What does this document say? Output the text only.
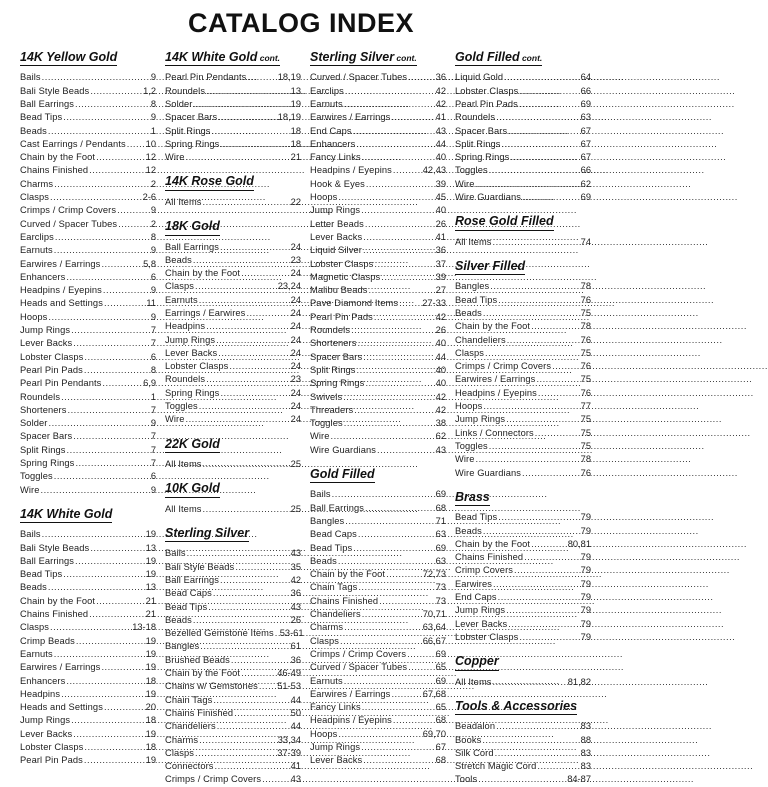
CATALOG INDEX
14K Yellow Gold
Bails .....	9
Bali Style Beads .....	1,2
Ball Earrings .....	8
Bead Tips .....	9
Beads .....	1
Cast Earrings / Pendants ..... 10
Chain by the Foot .....	12
Chains Finished .....	12
Charms .....	2
Clasps .....	2-6
Crimps / Crimp Covers .....	9
Curved / Spacer Tubes .....	2
Earclips .....	8
Earnuts .....	9
Earwires / Earrings .....	5,8
Enhancers .....	6
Headpins / Eyepins .....	9
Heads and Settings .....	11
Hoops .....	9
Jump Rings .....	7
Lever Backs .....	7
Lobster Clasps .....	6
Pearl Pin Pads .....	8
Pearl Pin Pendants .....	6,9
Roundels .....	1
Shorteners .....	7
Solder .....	9
Spacer Bars .....	7
Split Rings .....	7
Spring Rings .....	7
Toggles .....	6
Wire .....	9
14K White Gold
Bails .....	19
Bali Style Beads .....	13
Ball Earrings .....	19
Bead Tips .....	19
Beads .....	13
Chain by the Foot .....	21
Chains Finished .....	21
Clasps .....	13-18
Crimp Beads .....	19
Earnuts .....	19
Earwires / Earrings .....	19
Enhancers .....	18
Headpins .....	19
Heads and Settings .....	20
Jump Rings .....	18
Lever Backs .....	19
Lobster Clasps .....	18
Pearl Pin Pads .....	19
14K White Gold cont.
Pearl Pin Pendants .....	18,19
Roundels .....	13
Solder .....	19
Spacer Bars .....	18,19
Split Rings .....	18
Spring Rings .....	18
Wire .....	21
14K Rose Gold
All Items .....	22
18K Gold
Ball Earrings .....	24
Beads .....	23
Chain by the Foot .....	24
Clasps .....	23,24
Earnuts .....	24
Earrings / Earwires .....	24
Headpins .....	24
Jump Rings .....	24
Lever Backs .....	24
Lobster Clasps .....	24
Roundels .....	23
Spring Rings .....	24
Toggles .....	24
Wire .....	24
22K Gold
All Items .....	25
10K Gold
All Items .....	25
Sterling Silver
Bails .....	43
Bali Style Beads .....	35
Ball Earrings .....	42
Bead Caps .....	36
Bead Tips .....	43
Beads .....	26
Bezelled Gemstone Items ..... 53-61
Bangles .....	61
Brushed Beads .....	36
Chain by the Foot .....	46-49
Chains w/ Gemstones ..... 51-53
Chain Tags .....	44
Chains Finished .....	50
Chandeliers .....	44
Charms .....	33,34
Clasps .....	37-39
Connectors .....	41
Crimps / Crimp Covers .....	43
Sterling Silver cont.
Curved / Spacer Tubes .....	36
Earclips .....	42
Earnuts .....	42
Earwires / Earrings .....	41
End Caps .....	43
Enhancers .....	44
Fancy Links .....	40
Headpins / Eyepins .....	42,43
Hook & Eyes .....	39
Hoops .....	45
Jump Rings .....	40
Letter Beads .....	26
Lever Backs .....	41
Liquid Silver .....	36
Lobster Clasps .....	37
Magnetic Clasps .....	39
Malibu Beads .....	27
Pave Diamond Items .....	27-33
Pearl Pin Pads .....	42
Roundels .....	26
Shorteners .....	40
Spacer Bars .....	44
Split Rings .....	40
Spring Rings .....	40
Swivels .....	42
Threaders .....	42
Toggles .....	38
Wire .....	62
Wire Guardians .....	43
Gold Filled
Bails .....	69
Ball Earrings .....	68
Bangles .....	71
Bead Caps .....	63
Bead Tips .....	69
Beads .....	63
Chain by the Foot .....	72,73
Chain Tags .....	73
Chains Finished .....	73
Chandeliers .....	70,71
Charms .....	63,64
Clasps .....	66,67
Crimps / Crimp Covers .....	69
Curved / Spacer Tubes .....	65
Earnuts .....	69
Earwires / Earrings .....	67,68
Fancy Links .....	65
Headpins / Eyepins .....	68
Hoops .....	69,70
Jump Rings .....	67
Lever Backs .....	68
Gold Filled cont.
Liquid Gold .....	64
Lobster Clasps .....	66
Pearl Pin Pads .....	69
Roundels .....	63
Spacer Bars .....	67
Split Rings .....	67
Spring Rings .....	67
Toggles .....	66
Wire .....	62
Wire Guardians .....	69
Rose Gold Filled
All Items .....	74
Silver Filled
Bangles .....	78
Bead Tips .....	76
Beads .....	75
Chain by the Foot .....	78
Chandeliers .....	76
Clasps .....	75
Crimps / Crimp Covers .....	76
Earwires / Earrings .....	75
Headpins / Eyepins .....	76
Hoops .....	77
Jump Rings .....	75
Links / Connectors .....	75
Toggles .....	75
Wire .....	78
Wire Guardians .....	76
Brass
Bead Tips .....	79
Beads .....	79
Chain by the Foot .....	80,81
Chains Finished .....	79
Crimp Covers .....	79
Earwires .....	79
End Caps .....	79
Jump Rings .....	79
Lever Backs .....	79
Lobster Clasps .....	79
Copper
All Items .....	81,82
Tools & Accessories
Beadalon .....	83
Books .....	88
Silk Cord .....	83
Stretch Magic Cord .....	83
Tools .....	84-87
